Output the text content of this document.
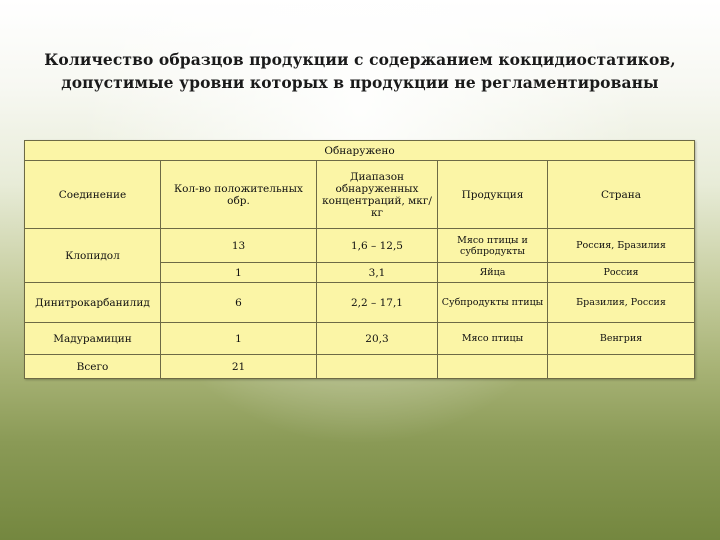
Количество образцов продукции с содержанием кокцидиостатиков,
допустимые уровни которых в продукции не регламентированы
Обнаружено				
Соединение	Кол-во положительных обр.	Диапазон обнаруженных концентраций, мкг/кг	Продукция	Страна
Клопидол	13	1,6 – 12,5	Мясо птицы и субпродукты	Россия, Бразилия
	1	3,1	Яйца	Россия
Динитрокарбанилид	6	2,2 – 17,1	Субпродукты птицы	Бразилия, Россия
Мадурамицин	1	20,3	Мясо птицы	Венгрия
Всего	21			
